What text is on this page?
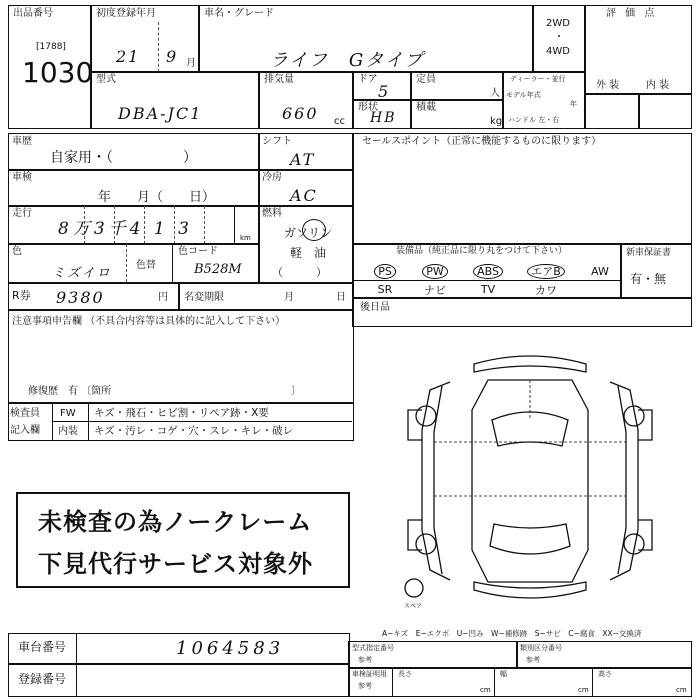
出品番号
[1788]
1030
初度登録年月
21 9 月
車名・グレード
ライフ　Gタイプ
2WD
・
4WD
評 価 点
型式
DBA-JC1
排気量
660 cc
ドア
5
定員
人
形状
HB
積載
kg
ディーラー・並行
モデル年式
年
ハンドル 左・右
外 装	内 装
車歴
自家用・（　　　　　）
車検
年　　月（　　日）
走行
8万3千4 1 3	km
色
ミズイロ
色替
色コード
B528M
シフト
AT
冷房
AC
燃料
ガソリン
軽　油
（　　　）
セールスポイント（正常に機能するものに限ります）
装備品（純正品に限り丸をつけて下さい）
PS	PW	ABS	エアB	AW
SR	ナビ	TV	カワ
新車保証書
有・無
R券 9380	円 名変期限	月	日
後日品
注意事項申告欄 （不具合内容等は具体的に記入して下さい）
修復歴　有 〔箇所　　　　　　　　　　　　　　　　　　〕
検査員
記入欄
FW キズ・飛石・ヒビ割・リペア跡・X要
内装 キズ・汚レ・コゲ・穴・スレ・キレ・破レ
未検査の為ノークレーム
下見代行サービス対象外
スペア
A−キズ　E−エクボ　U−凹み　W−補修跡　S−サビ　C−腐食　XX−交換済
車台番号	1064583
登録番号
型式指定番号
参考
類別区分番号
参考
車検証明用
参考
長さ
cm
幅
cm
高さ
cm
